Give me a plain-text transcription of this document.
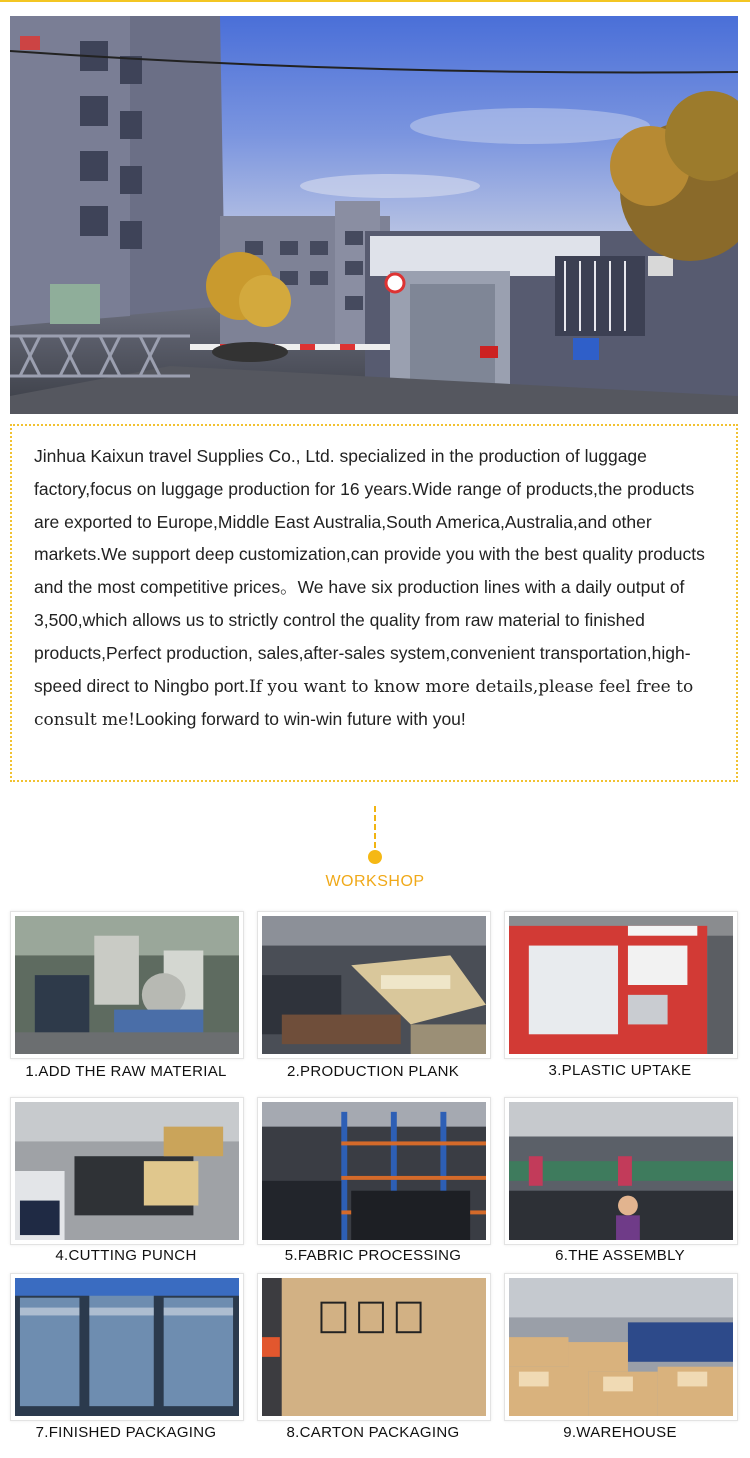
Jinhua Kaixun travel Supplies Co., Ltd. specialized in the production of luggage factory,focus on luggage production for 16 years.Wide range of products,the products are exported to Europe,Middle East Australia,South America,Australia,and other markets.We support deep customization,can provide you with the best quality products and the most competitive prices。We have six production lines with a daily output of 3,500,which allows us to strictly control the quality from raw material to finished products,Perfect production, sales,after-sales system,convenient transportation,high-speed direct to Ningbo port.If you want to know more details,please feel free to consult me!Looking forward to win-win future with you!
WORKSHOP
1.ADD THE RAW MATERIAL	2.PRODUCTION PLANK	3.PLASTIC UPTAKE
4.CUTTING PUNCH	5.FABRIC PROCESSING	6.THE ASSEMBLY
7.FINISHED PACKAGING	8.CARTON PACKAGING	9.WAREHOUSE
